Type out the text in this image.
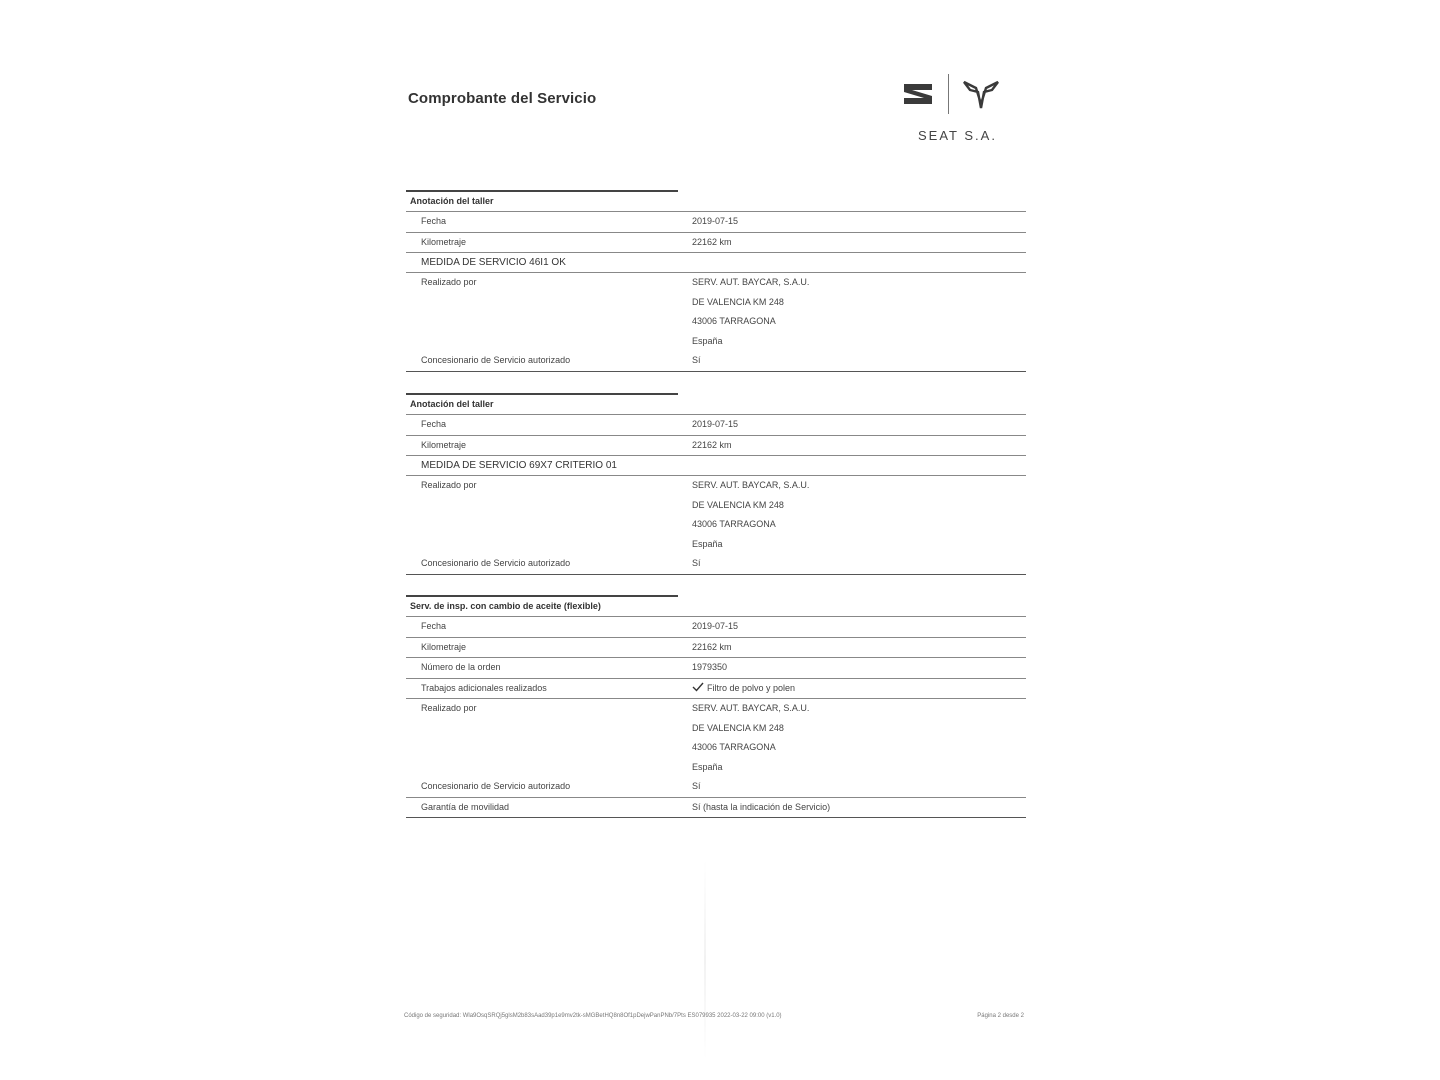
Comprobante del Servicio
SEAT S.A.
Anotación del taller
Fecha	2019-07-15
Kilometraje	22162 km
MEDIDA DE SERVICIO 46I1 OK
Realizado por	SERV. AUT. BAYCAR, S.A.U.
DE VALENCIA KM 248
43006 TARRAGONA
España
Concesionario de Servicio autorizado	Sí
Anotación del taller
Fecha	2019-07-15
Kilometraje	22162 km
MEDIDA DE SERVICIO 69X7 CRITERIO 01
Realizado por	SERV. AUT. BAYCAR, S.A.U.
DE VALENCIA KM 248
43006 TARRAGONA
España
Concesionario de Servicio autorizado	Sí
Serv. de insp. con cambio de aceite (flexible)
Fecha	2019-07-15
Kilometraje	22162 km
Número de la orden	1979350
Trabajos adicionales realizados	Filtro de polvo y polen
Realizado por	SERV. AUT. BAYCAR, S.A.U.
DE VALENCIA KM 248
43006 TARRAGONA
España
Concesionario de Servicio autorizado	Sí
Garantía de movilidad	Sí (hasta la indicación de Servicio)
Código de seguridad: Wla9OsqSRQj5glsM2b83sAad39p1e9mv2tk-sMGBetHQ8n8Of1pDejwPanPNb/7Pts ES079935 2022-03-22 09:00 (v1.0)	Página 2 desde 2
